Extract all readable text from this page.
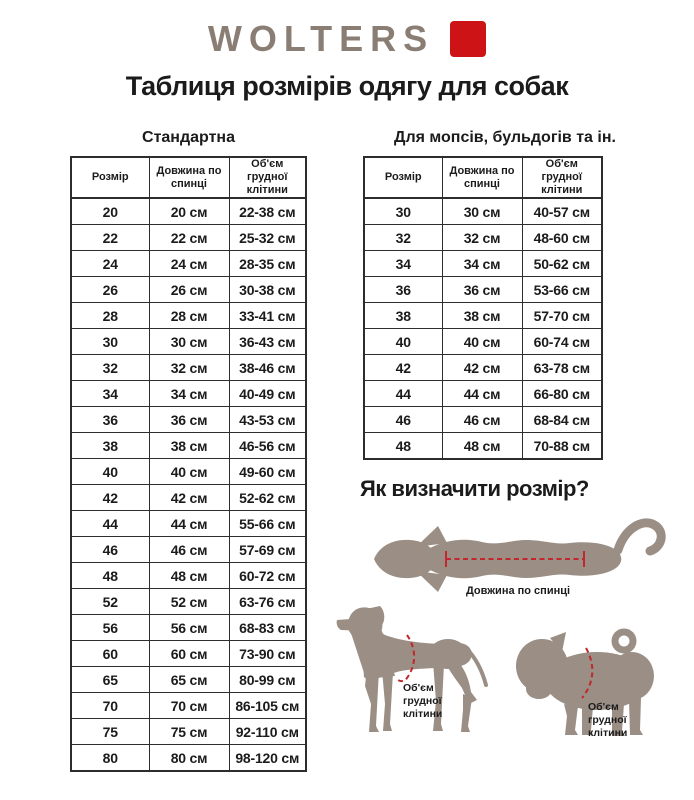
WOLTERS
Таблиця розмірів одягу для собак
Стандартна	Для мопсів, бульдогів та ін.
Розмір	Довжина по спинці	Об'єм грудної клітини
20	20 см	22-38 см
22	22 см	25-32 см
24	24 см	28-35 см
26	26 см	30-38 см
28	28 см	33-41 см
30	30 см	36-43 см
32	32 см	38-46 см
34	34 см	40-49 см
36	36 см	43-53 см
38	38 см	46-56 см
40	40 см	49-60 см
42	42 см	52-62 см
44	44 см	55-66 см
46	46 см	57-69 см
48	48 см	60-72 см
52	52 см	63-76 см
56	56 см	68-83 см
60	60 см	73-90 см
65	65 см	80-99 см
70	70 см	86-105 см
75	75 см	92-110 см
80	80 см	98-120 см
Розмір	Довжина по спинці	Об'єм грудної клітини
30	30 см	40-57 см
32	32 см	48-60 см
34	34 см	50-62 см
36	36 см	53-66 см
38	38 см	57-70 см
40	40 см	60-74 см
42	42 см	63-78 см
44	44 см	66-80 см
46	46 см	68-84 см
48	48 см	70-88 см
Як визначити розмір?
Довжина по спинці
Об'єм грудної клітини
Об'єм грудної клітини
